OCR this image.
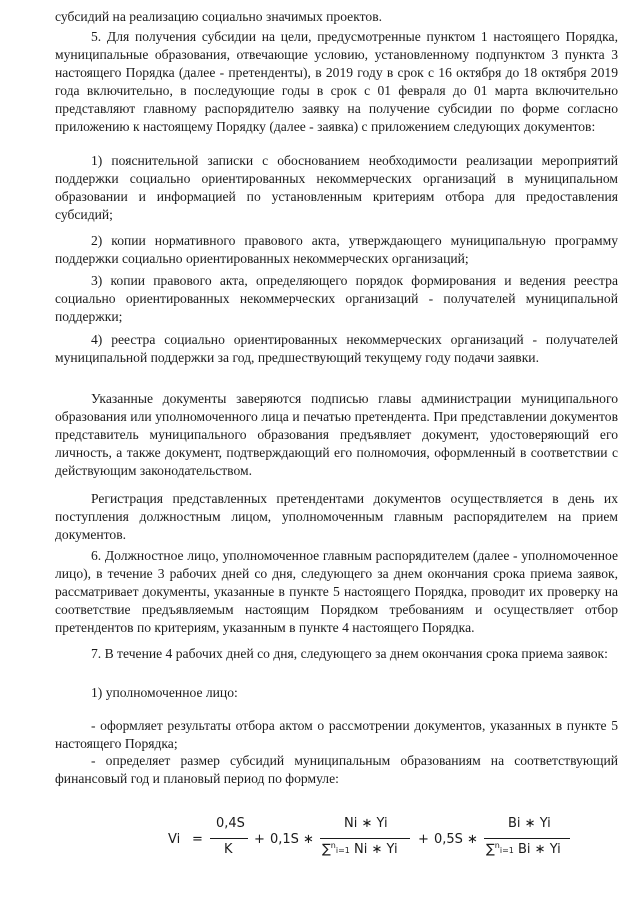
субсидий на реализацию социально значимых проектов.

5. Для получения субсидии на цели, предусмотренные пунктом 1 настоящего Порядка, муниципальные образования, отвечающие условию, установленному подпунктом 3 пункта 3 настоящего Порядка (далее - претенденты), в 2019 году в срок с 16 октября до 18 октября 2019 года включительно, в последующие годы в срок с 01 февраля до 01 марта включительно представляют главному распорядителю заявку на получение субсидии по форме согласно приложению к настоящему Порядку (далее - заявка) с приложением следующих документов:

1) пояснительной записки с обоснованием необходимости реализации мероприятий поддержки социально ориентированных некоммерческих организаций в муниципальном образовании и информацией по установленным критериям отбора для предоставления субсидий;

2) копии нормативного правового акта, утверждающего муниципальную программу поддержки социально ориентированных некоммерческих организаций;

3) копии правового акта, определяющего порядок формирования и ведения реестра социально ориентированных некоммерческих организаций - получателей муниципальной поддержки;

4) реестра социально ориентированных некоммерческих организаций - получателей муниципальной поддержки за год, предшествующий текущему году подачи заявки.

Указанные документы заверяются подписью главы администрации муниципального образования или уполномоченного лица и печатью претендента. При представлении документов представитель муниципального образования предъявляет документ, удостоверяющий его личность, а также документ, подтверждающий его полномочия, оформленный в соответствии с действующим законодательством.

Регистрация представленных претендентами документов осуществляется в день их поступления должностным лицом, уполномоченным главным распорядителем на прием документов.

6. Должностное лицо, уполномоченное главным распорядителем (далее - уполномоченное лицо), в течение 3 рабочих дней со дня, следующего за днем окончания срока приема заявок, рассматривает документы, указанные в пункте 5 настоящего Порядка, проводит их проверку на соответствие предъявляемым настоящим Порядком требованиям и осуществляет отбор претендентов по критериям, указанным в пункте 4 настоящего Порядка.

7. В течение 4 рабочих дней со дня, следующего за днем окончания срока приема заявок:

1) уполномоченное лицо:

- оформляет результаты отбора актом о рассмотрении документов, указанных в пункте 5 настоящего Порядка;

- определяет размер субсидий муниципальным образованиям на соответствующий финансовый год и плановый период по формуле:

Vi =
0,4S
K
+ 0,1S ∗
Ni ∗ Yi
∑$^n$i=1 Ni ∗ Yi
+ 0,5S ∗
Bi ∗ Yi
∑$^n$i=1 Bi ∗ Yi
